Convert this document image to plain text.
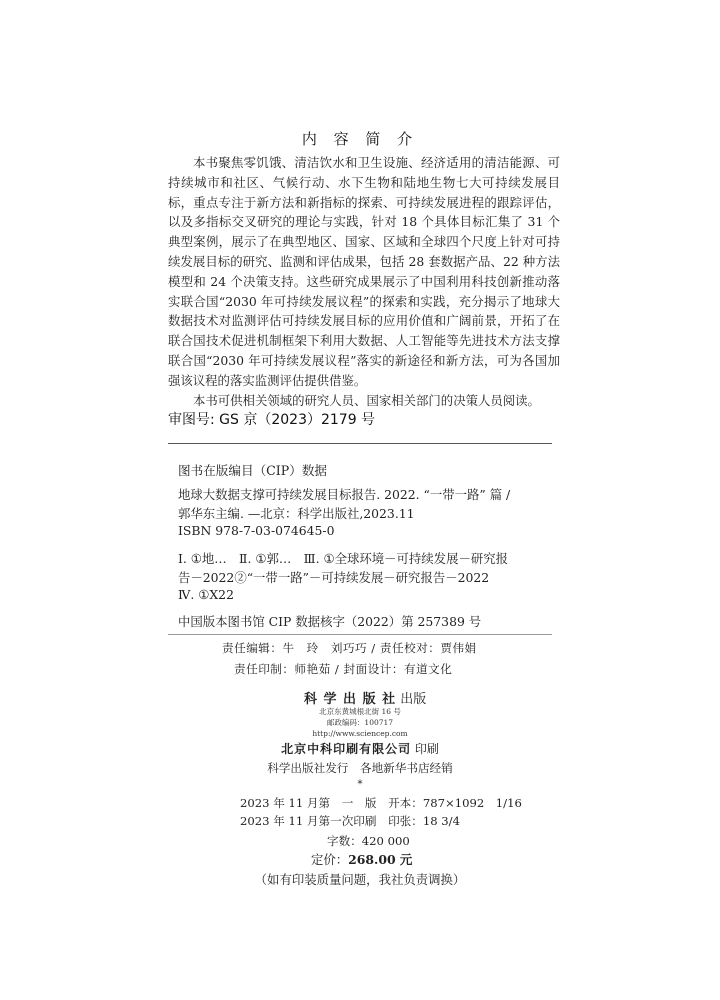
内 容 简 介

本书聚焦零饥饿、清洁饮水和卫生设施、经济适用的清洁能源、可持续城市和社区、气候行动、水下生物和陆地生物七大可持续发展目标，重点专注于新方法和新指标的探索、可持续发展进程的跟踪评估，以及多指标交叉研究的理论与实践，针对 18 个具体目标汇集了 31 个典型案例，展示了在典型地区、国家、区域和全球四个尺度上针对可持续发展目标的研究、监测和评估成果，包括 28 套数据产品、22 种方法模型和 24 个决策支持。这些研究成果展示了中国利用科技创新推动落实联合国“2030 年可持续发展议程”的探索和实践，充分揭示了地球大数据技术对监测评估可持续发展目标的应用价值和广阔前景，开拓了在联合国技术促进机制框架下利用大数据、人工智能等先进技术方法支撑联合国“2030 年可持续发展议程”落实的新途径和新方法，可为各国加强该议程的落实监测评估提供借鉴。

本书可供相关领域的研究人员、国家相关部门的决策人员阅读。

审图号: GS 京（2023）2179 号
图书在版编目（CIP）数据
地球大数据支撑可持续发展目标报告. 2022. “一带一路” 篇 /
郭华东主编. —北京：科学出版社,2023.11
ISBN 978-7-03-074645-0
Ⅰ. ①地…　Ⅱ. ①郭…　Ⅲ. ①全球环境－可持续发展－研究报
告－2022②“一带一路”－可持续发展－研究报告－2022
Ⅳ. ①X22
中国版本图书馆 CIP 数据核字（2022）第 257389 号
责任编辑：牛　玲　刘巧巧 / 责任校对：贾伟娟
责任印制：师艳茹 / 封面设计：有道文化
科 学 出 版 社 出版
北京东黄城根北街 16 号
邮政编码：100717
http://www.sciencep.com
北京中科印刷有限公司 印刷
科学出版社发行　各地新华书店经销
*
2023 年 11 月第　一　版　开本：787×1092　1/16
2023 年 11 月第一次印刷　印张：18 3/4
字数：420 000
定价：268.00 元
（如有印装质量问题，我社负责调换）
